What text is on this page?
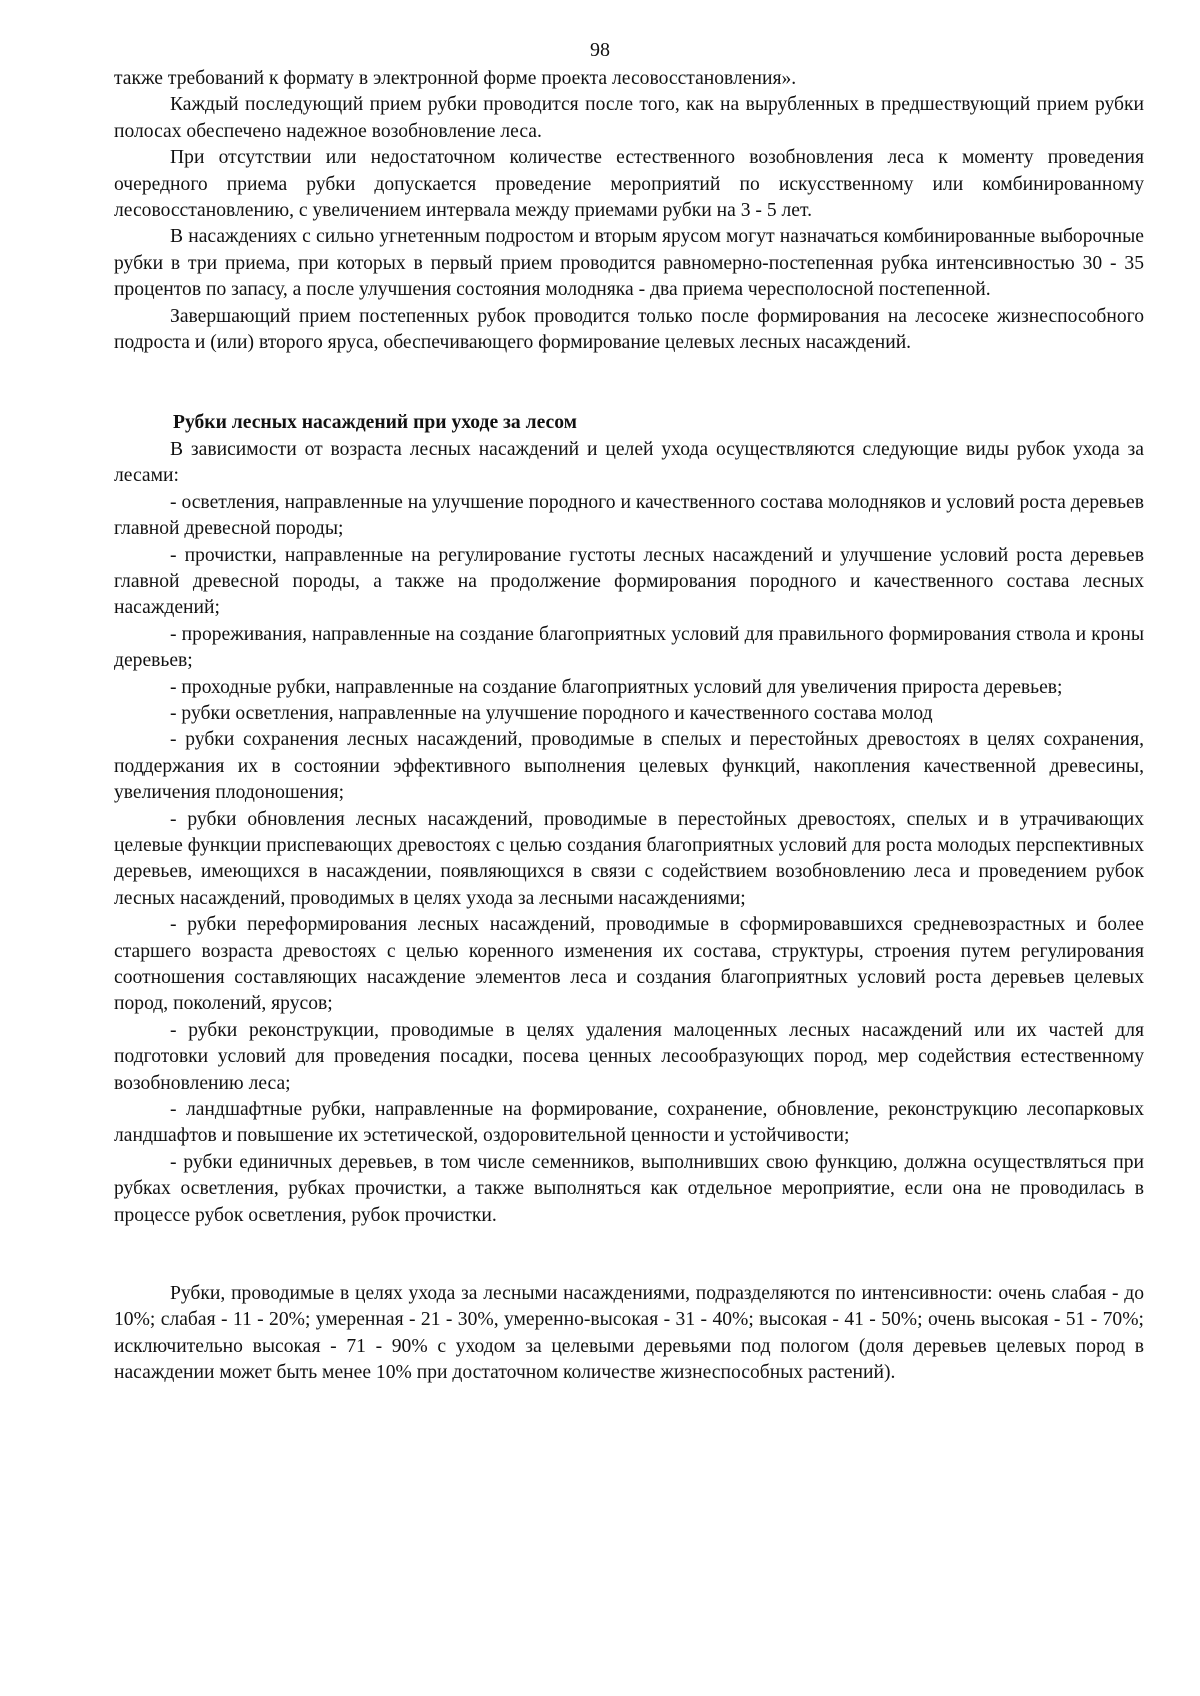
98

также требований к формату в электронной форме проекта лесовосстановления».

Каждый последующий прием рубки проводится после того, как на вырубленных в предшествующий прием рубки полосах обеспечено надежное возобновление леса.

При отсутствии или недостаточном количестве естественного возобновления леса к моменту проведения очередного приема рубки допускается проведение мероприятий по искусственному или комбинированному лесовосстановлению, с увеличением интервала между приемами рубки на 3 - 5 лет.

В насаждениях с сильно угнетенным подростом и вторым ярусом могут назначаться комбинированные выборочные рубки в три приема, при которых в первый прием проводится равномерно-постепенная рубка интенсивностью 30 - 35 процентов по запасу, а после улучшения состояния молодняка - два приема чересполосной постепенной.

Завершающий прием постепенных рубок проводится только после формирования на лесосеке жизнеспособного подроста и (или) второго яруса, обеспечивающего формирование целевых лесных насаждений.

Рубки лесных насаждений при уходе за лесом

В зависимости от возраста лесных насаждений и целей ухода осуществляются следующие виды рубок ухода за лесами:

- осветления, направленные на улучшение породного и качественного состава молодняков и условий роста деревьев главной древесной породы;

- прочистки, направленные на регулирование густоты лесных насаждений и улучшение условий роста деревьев главной древесной породы, а также на продолжение формирования породного и качественного состава лесных насаждений;

- прореживания, направленные на создание благоприятных условий для правильного формирования ствола и кроны деревьев;

- проходные рубки, направленные на создание благоприятных условий для увеличения прироста деревьев;

- рубки осветления, направленные на улучшение породного и качественного состава молод

- рубки сохранения лесных насаждений, проводимые в спелых и перестойных древостоях в целях сохранения, поддержания их в состоянии эффективного выполнения целевых функций, накопления качественной древесины, увеличения плодоношения;

- рубки обновления лесных насаждений, проводимые в перестойных древостоях, спелых и в утрачивающих целевые функции приспевающих древостоях с целью создания благоприятных условий для роста молодых перспективных деревьев, имеющихся в насаждении, появляющихся в связи с содействием возобновлению леса и проведением рубок лесных насаждений, проводимых в целях ухода за лесными насаждениями;

- рубки переформирования лесных насаждений, проводимые в сформировавшихся средневозрастных и более старшего возраста древостоях с целью коренного изменения их состава, структуры, строения путем регулирования соотношения составляющих насаждение элементов леса и создания благоприятных условий роста деревьев целевых пород, поколений, ярусов;

- рубки реконструкции, проводимые в целях удаления малоценных лесных насаждений или их частей для подготовки условий для проведения посадки, посева ценных лесообразующих пород, мер содействия естественному возобновлению леса;

- ландшафтные рубки, направленные на формирование, сохранение, обновление, реконструкцию лесопарковых ландшафтов и повышение их эстетической, оздоровительной ценности и устойчивости;

- рубки единичных деревьев, в том числе семенников, выполнивших свою функцию, должна осуществляться при рубках осветления, рубках прочистки, а также выполняться как отдельное мероприятие, если она не проводилась в процессе рубок осветления, рубок прочистки.

Рубки, проводимые в целях ухода за лесными насаждениями, подразделяются по интенсивности: очень слабая - до 10%; слабая - 11 - 20%; умеренная - 21 - 30%, умеренно-высокая - 31 - 40%; высокая - 41 - 50%; очень высокая - 51 - 70%; исключительно высокая - 71 - 90% с уходом за целевыми деревьями под пологом (доля деревьев целевых пород в насаждении может быть менее 10% при достаточном количестве жизнеспособных растений).
